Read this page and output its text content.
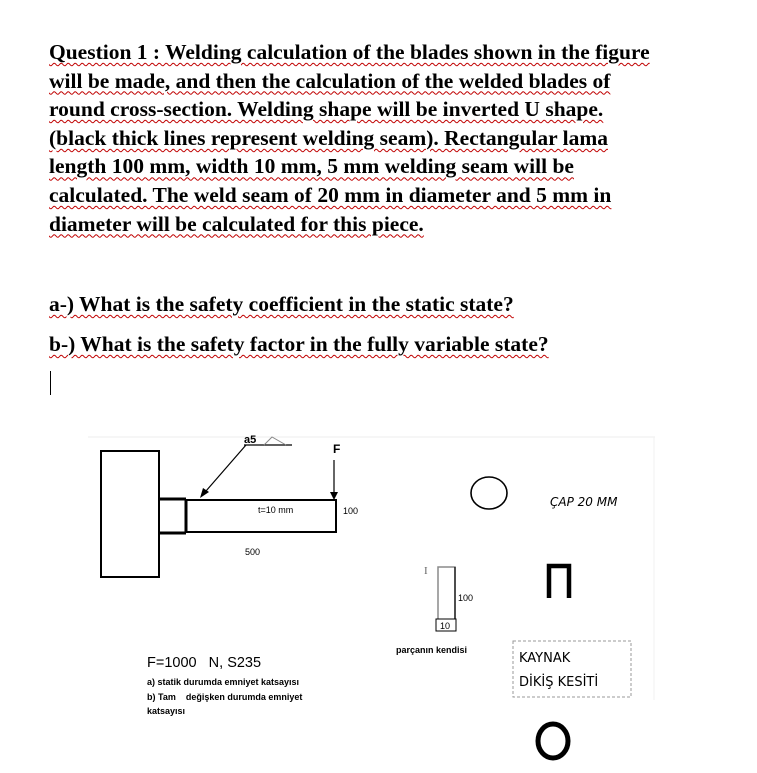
Question 1 : Welding calculation of the blades shown in the figure
will be made, and then the calculation of the welded blades of
round cross-section. Welding shape will be inverted U shape.
(black thick lines represent welding seam). Rectangular lama
length 100 mm, width 10 mm, 5 mm welding seam will be
calculated. The weld seam of 20 mm in diameter and 5 mm in
diameter will be calculated for this piece.
a-) What is the safety coefficient in the static state?
b-) What is the safety factor in the fully variable state?
a5
F
t=10 mm	100
500
F=1000   N, S235
a) statik durumda emniyet katsayısı
b) Tam    değişken durumda emniyet
katsayısı
ÇAP 20 MM
I
100
10
parçanın kendisi
KAYNAK
DİKİŞ KESİTİ
